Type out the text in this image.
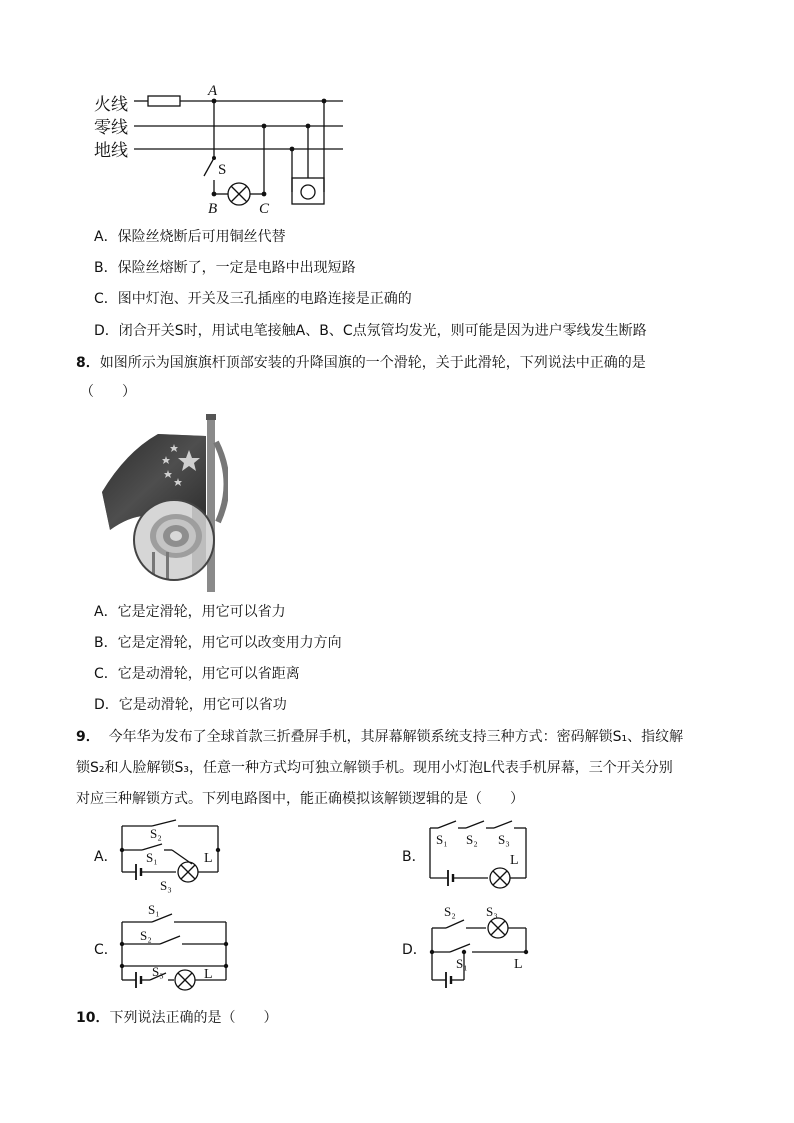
火线
零线
地线
A
S
B	C
A．保险丝烧断后可用铜丝代替
B．保险丝熔断了，一定是电路中出现短路
C．图中灯泡、开关及三孔插座的电路连接是正确的
D．闭合开关S时，用试电笔接触A、B、C点氖管均发光，则可能是因为进户零线发生断路
8．如图所示为国旗旗杆顶部安装的升降国旗的一个滑轮，关于此滑轮，下列说法中正确的是
（　　）
A．它是定滑轮，用它可以省力
B．它是定滑轮，用它可以改变用力方向
C．它是动滑轮，用它可以省距离
D．它是动滑轮，用它可以省功
9． 今年华为发布了全球首款三折叠屏手机，其屏幕解锁系统支持三种方式：密码解锁S₁、指纹解
锁S₂和人脸解锁S₃，任意一种方式均可独立解锁手机。现用小灯泡L代表手机屏幕，三个开关分别
对应三种解锁方式。下列电路图中，能正确模拟该解锁逻辑的是（　　）
A．
S₂
S₁
S₃
L	B．
S₁ S₂ S₃
L
C．
S₁
S₂
S₃	L
D．
S₂ S₃
S₁	L
10．下列说法正确的是（　　）
